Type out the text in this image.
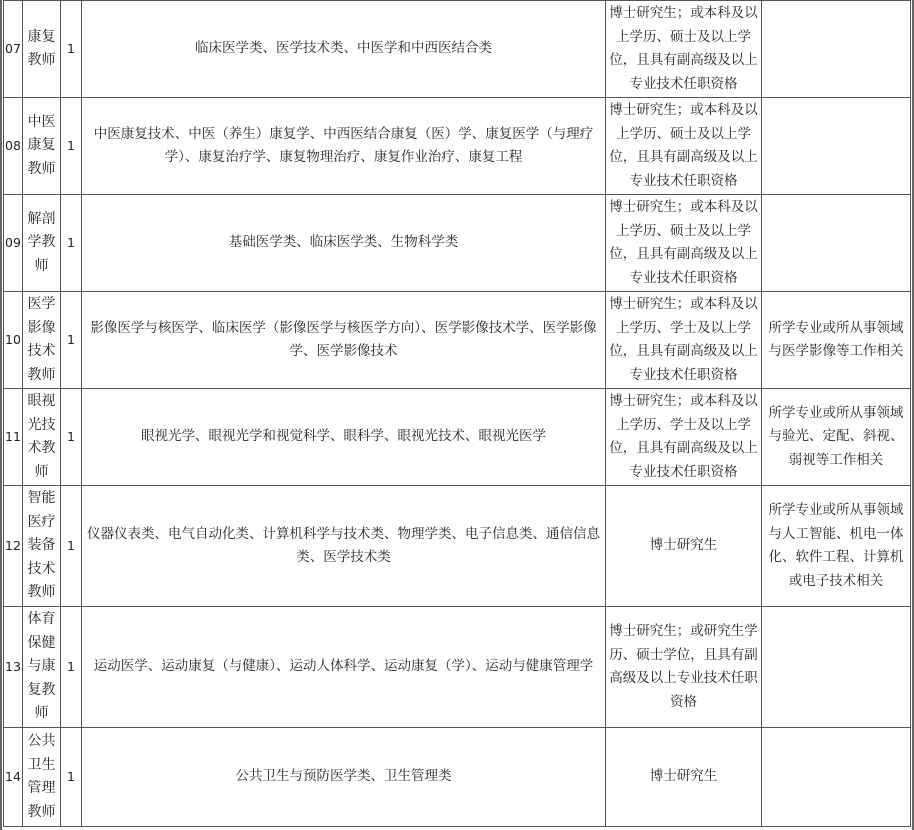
07	康复教师	1	临床医学类、医学技术类、中医学和中西医结合类	博士研究生；或本科及以上学历、硕士及以上学位，且具有副高级及以上专业技术任职资格	
08	中医康复教师	1	中医康复技术、中医（养生）康复学、中西医结合康复（医）学、康复医学（与理疗学）、康复治疗学、康复物理治疗、康复作业治疗、康复工程	博士研究生；或本科及以上学历、硕士及以上学位，且具有副高级及以上专业技术任职资格	
09	解剖学教师	1	基础医学类、临床医学类、生物科学类	博士研究生；或本科及以上学历、硕士及以上学位，且具有副高级及以上专业技术任职资格	
10	医学影像技术教师	1	影像医学与核医学、临床医学（影像医学与核医学方向）、医学影像技术学、医学影像学、医学影像技术	博士研究生；或本科及以上学历、学士及以上学位，且具有副高级及以上专业技术任职资格	所学专业或所从事领域与医学影像等工作相关
11	眼视光技术教师	1	眼视光学、眼视光学和视觉科学、眼科学、眼视光技术、眼视光医学	博士研究生；或本科及以上学历、学士及以上学位，且具有副高级及以上专业技术任职资格	所学专业或所从事领域与验光、定配、斜视、弱视等工作相关
12	智能医疗装备技术教师	1	仪器仪表类、电气自动化类、计算机科学与技术类、物理学类、电子信息类、通信信息类、医学技术类	博士研究生	所学专业或所从事领域与人工智能、机电一体化、软件工程、计算机或电子技术相关
13	体育保健与康复教师	1	运动医学、运动康复（与健康）、运动人体科学、运动康复（学）、运动与健康管理学	博士研究生；或研究生学历、硕士学位，且具有副高级及以上专业技术任职资格	
14	公共卫生管理教师	1	公共卫生与预防医学类、卫生管理类	博士研究生	
